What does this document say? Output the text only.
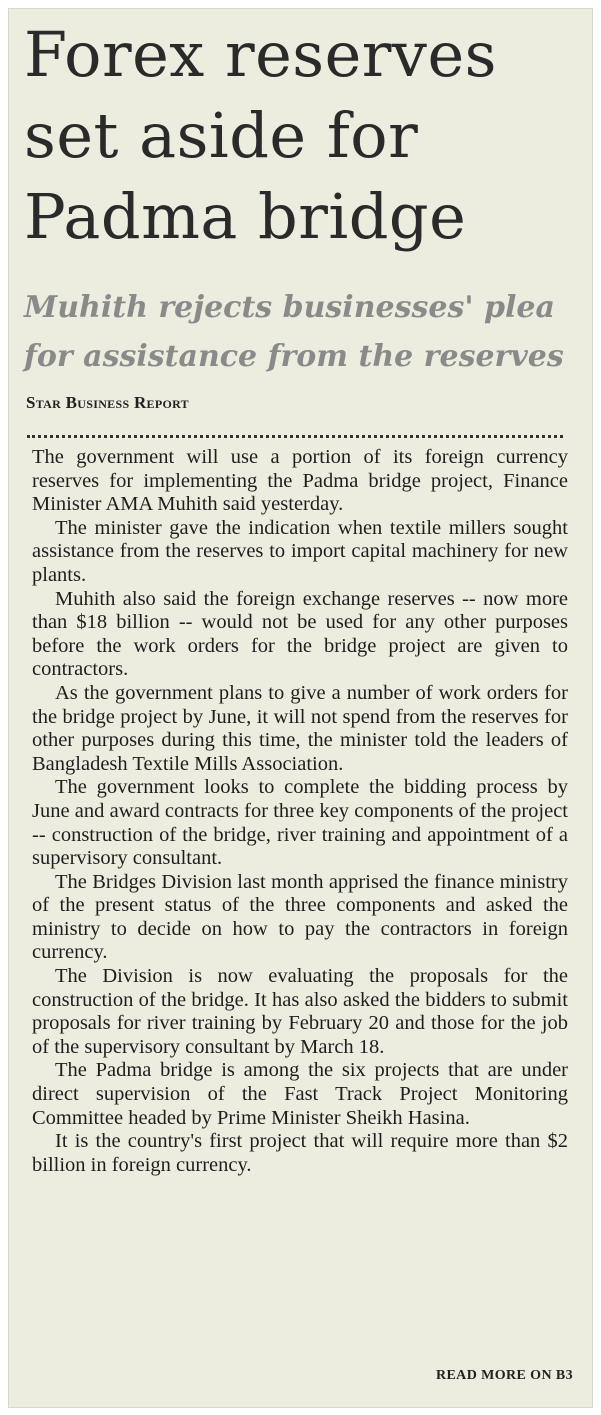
Forex reserves
set aside for
Padma bridge
Muhith rejects businesses' plea
for assistance from the reserves
Star Business Report

The government will use a portion of its foreign currency reserves for implementing the Padma bridge project, Finance Minister AMA Muhith said yesterday.

The minister gave the indication when textile millers sought assistance from the reserves to import capital machinery for new plants.

Muhith also said the foreign exchange reserves -- now more than $18 billion -- would not be used for any other purposes before the work orders for the bridge project are given to contractors.

As the government plans to give a number of work orders for the bridge project by June, it will not spend from the reserves for other purposes during this time, the minister told the leaders of Bangladesh Textile Mills Association.

The government looks to complete the bidding process by June and award contracts for three key components of the project -- construction of the bridge, river training and appointment of a supervisory consultant.

The Bridges Division last month apprised the finance ministry of the present status of the three components and asked the ministry to decide on how to pay the contractors in foreign currency.

The Division is now evaluating the proposals for the construction of the bridge. It has also asked the bidders to submit proposals for river training by February 20 and those for the job of the supervisory consultant by March 18.

The Padma bridge is among the six projects that are under direct supervision of the Fast Track Project Monitoring Committee headed by Prime Minister Sheikh Hasina.

It is the country's first project that will require more than $2 billion in foreign currency.

READ MORE ON B3
